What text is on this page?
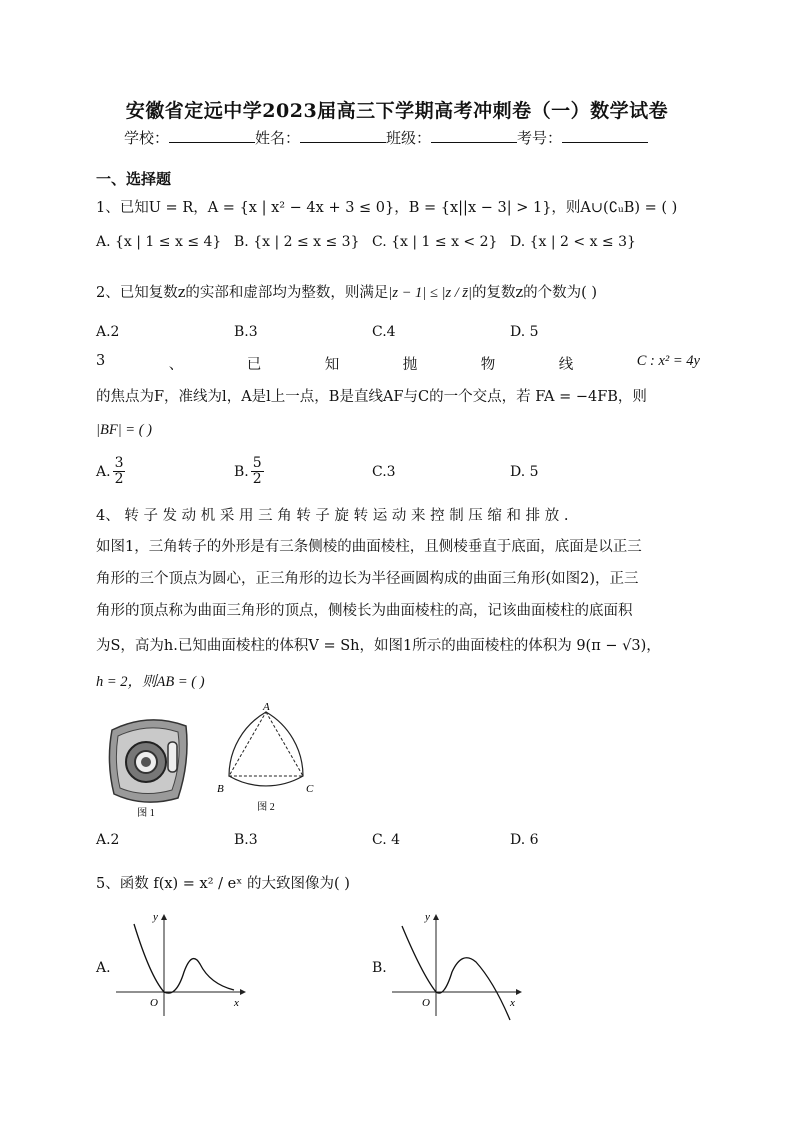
安徽省定远中学2023届高三下学期高考冲刺卷（一）数学试卷
学校：	姓名：	班级：	考号：
一、选择题
1、已知U = R，A = {x | x² − 4x + 3 ≤ 0}，B = {x||x − 3| > 1}，则A∪(∁ᵤB) = ( )
A. {x | 1 ≤ x ≤ 4} B. {x | 2 ≤ x ≤ 3} C. {x | 1 ≤ x < 2} D. {x | 2 < x ≤ 3}
2、已知复数z的实部和虚部均为整数，则满足|z − 1| ≤ |z / z̄|的复数z的个数为( )
A.2	B.3	C.4	D. 5
3	、	已	知	抛	物	线	C : x² = 4y
的焦点为F，准线为l，A是l上一点，B是直线AF与C的一个交点，若 FA = −4FB，则
|BF| = ( )
A. $\frac{3}{2}$	B. $\frac{5}{2}$	C.3	D. 5
4、 转 子 发 动 机 采 用 三 角 转 子 旋 转 运 动 来 控 制 压 缩 和 排 放 .
如图1，三角转子的外形是有三条侧棱的曲面棱柱，且侧棱垂直于底面，底面是以正三
角形的三个顶点为圆心，正三角形的边长为半径画圆构成的曲面三角形(如图2)，正三
角形的顶点称为曲面三角形的顶点，侧棱长为曲面棱柱的高，记该曲面棱柱的底面积
为S，高为h.已知曲面棱柱的体积V = Sh，如图1所示的曲面棱柱的体积为 9(π − √3)，
h = 2，则AB = ( )
图 1
A
B	C
图 2
A.2	B.3	C. 4	D. 6
5、函数 f(x) = x² / eˣ 的大致图像为( )
A.
y
x
O
B.
y
x
O
